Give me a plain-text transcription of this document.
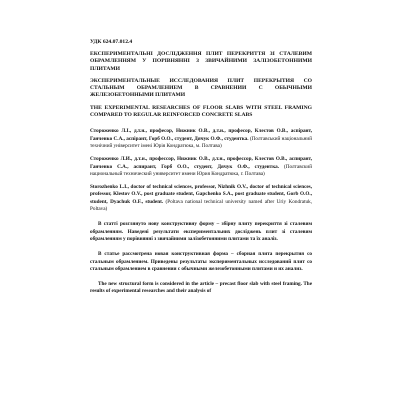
УДК 624.07.012.4

ЕКСПЕРИМЕНТАЛЬНІ ДОСЛІДЖЕННЯ ПЛИТ ПЕРЕКРИТТЯ ЗІ СТАЛЕВИМ ОБРАМЛЕННЯМ У ПОРІВНЯННІ З ЗВИЧАЙНИМИ ЗАЛІЗОБЕТОННИМИ ПЛИТАМИ

ЭКСПЕРИМЕНТАЛЬНЫЕ ИССЛЕДОВАНИЯ ПЛИТ ПЕРЕКРЫТИЯ СО СТАЛЬНЫМ ОБРАМЛЕНИЕМ В СРАВНЕНИИ С ОБЫЧНЫМИ ЖЕЛЕЗОБЕТОННЫМИ ПЛИТАМИ

THE EXPERIMENTAL RESEARCHES OF FLOOR SLABS WITH STEEL FRAMING COMPARED TO REGULAR REINFORCED CONCRETE SLABS

Стороженко Л.І., д.т.н., професор, Нижник О.В., д.т.н., професор, Клестов О.В., аспірант, Ганченко С.А., аспірант, Горб О.О., студент, Дячук О.Ф., студентка. (Полтавський національний технічний університет імені Юрія Кондратюка, м. Полтава)

Стороженко Л.И., д.т.н., профессор, Нижник О.В., д.т.н., профессор, Клестов О.В., аспирант, Ганченко С.А., аспирант, Горб О.О., студент, Дячук О.Ф., студентка. (Полтавский национальный технический университет имени Юрия Кондратюка, г. Полтава)

Storozhenko L.I., doctor of technical sciences, professor, Nizhnik O.V., doctor of technical sciences, professor, Klestov O.V., post graduate student, Gapchenko S.A., post graduate student, Gorb O.O., student, Dyachuk O.F., student. (Poltava national technical university named after Uriy Kondratuk, Poltava)

В статті розглянуто нову конструктивну форму – збірну плиту перекриття зі сталевим обрамленням. Наведені результати експериментальних досліджень плит зі сталевим обрамленням у порівнянні з звичайними залізобетонними плитами та їх аналіз.

В статье рассмотрена новая конструктивная форма – сборная плита перекрытия со стальным обрамлением. Приведены результаты экспериментальных исследований плит со стальным обрамлением в сравнении с обычными железобетонными плитами и их анализ.

The new structural form is considered in the article – precast floor slab with steel framing. The results of experimental researches and their analysis of
